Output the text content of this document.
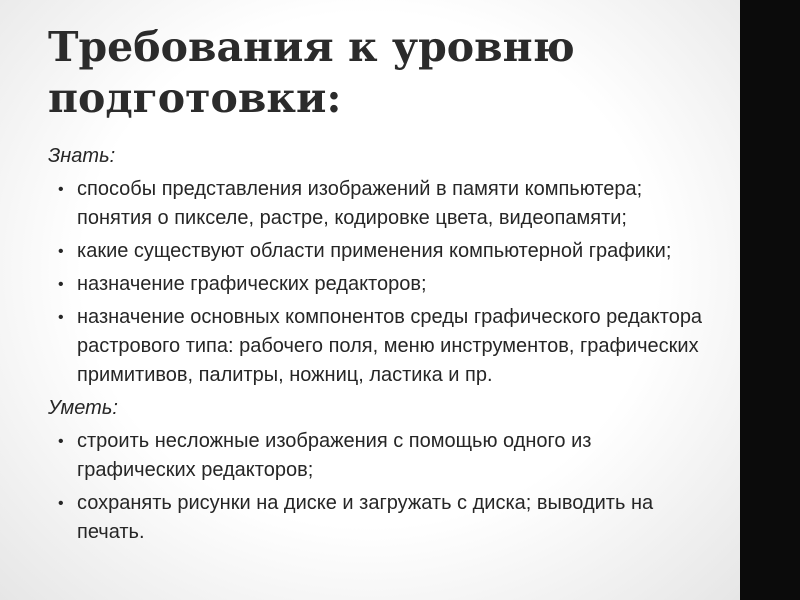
Требования к уровню подготовки:
Знать:
• способы представления изображений в памяти компьютера; понятия о пикселе, растре, кодировке цвета, видеопамяти;
• какие существуют области применения компьютерной графики;
• назначение графических редакторов;
• назначение основных компонентов среды графического редактора растрового типа: рабочего поля, меню инструментов, графических примитивов, палитры, ножниц, ластика и пр.
Уметь:
• строить несложные изображения с помощью одного из графических редакторов;
• сохранять рисунки на диске и загружать с диска; выводить на печать.
